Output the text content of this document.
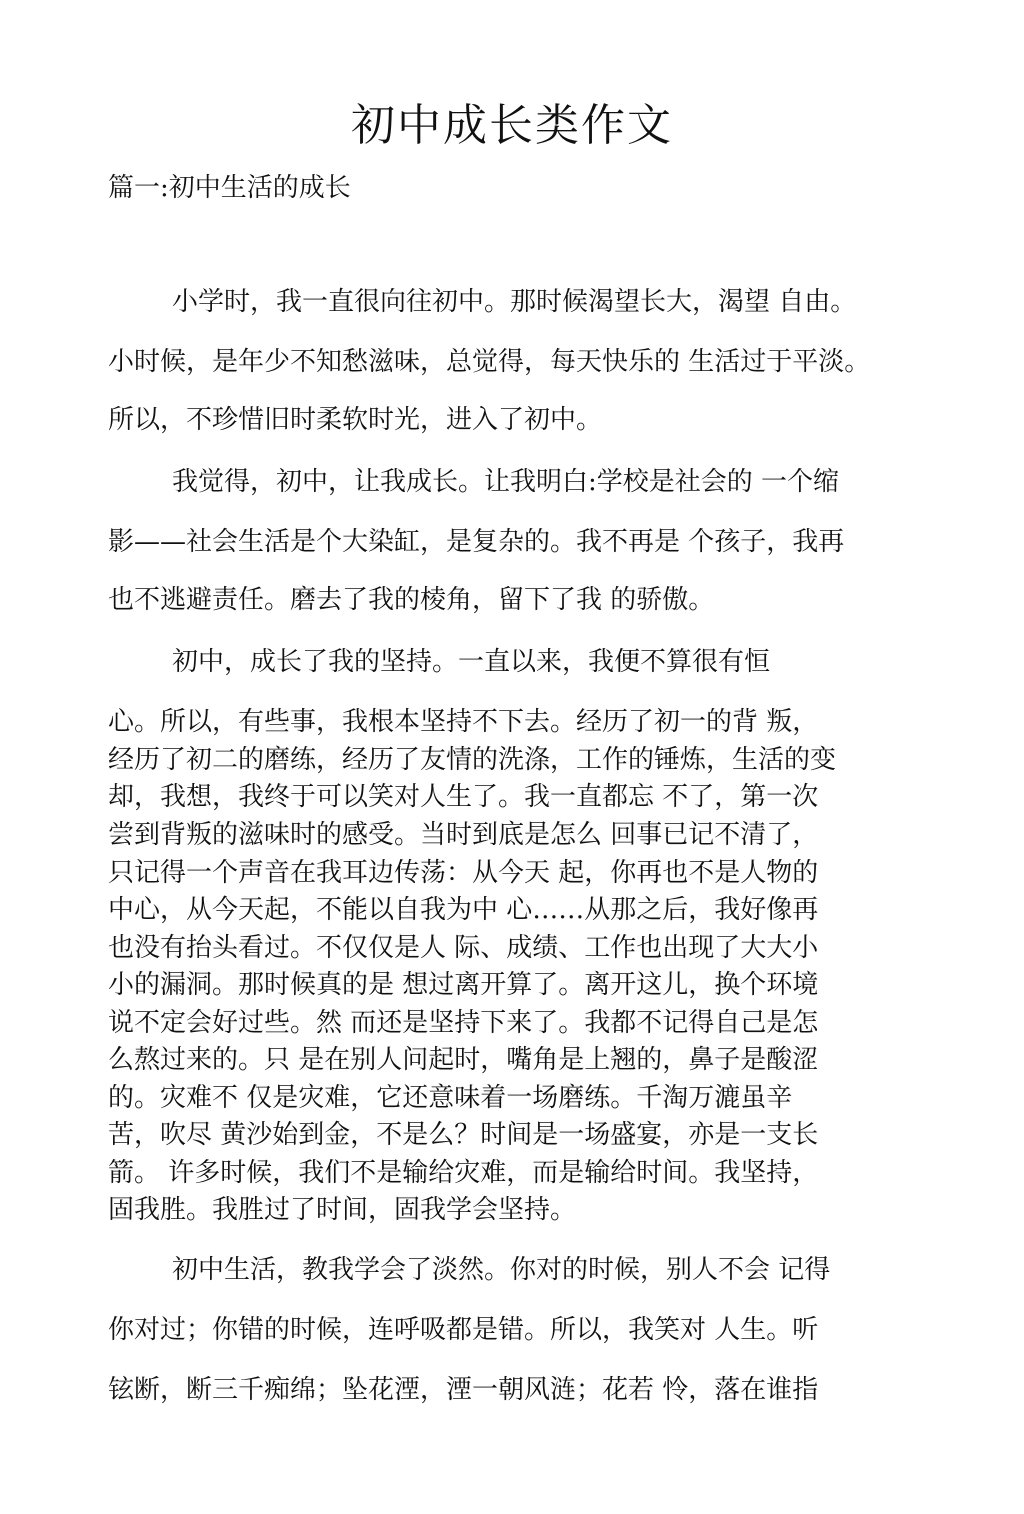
初中成长类作文

篇一:初中生活的成长

小学时，我一直很向往初中。那时候渴望长大，渴望 自由。

小时候，是年少不知愁滋味，总觉得，每天快乐的 生活过于平淡。

所以，不珍惜旧时柔软时光，进入了初中。

我觉得，初中，让我成长。让我明白:学校是社会的 一个缩

影——社会生活是个大染缸，是复杂的。我不再是 个孩子，我再

也不逃避责任。磨去了我的棱角，留下了我 的骄傲。

初中，成长了我的坚持。一直以来，我便不算很有恒

心。所以，有些事，我根本坚持不下去。经历了初一的背 叛，

经历了初二的磨练，经历了友情的洗涤，工作的锤炼，生活的变

却，我想，我终于可以笑对人生了。我一直都忘 不了，第一次

尝到背叛的滋味时的感受。当时到底是怎么 回事已记不清了，

只记得一个声音在我耳边传荡：从今天 起，你再也不是人物的

中心，从今天起，不能以自我为中 心……从那之后，我好像再

也没有抬头看过。不仅仅是人 际、成绩、工作也出现了大大小

小的漏洞。那时候真的是 想过离开算了。离开这儿，换个环境

说不定会好过些。然 而还是坚持下来了。我都不记得自己是怎

么熬过来的。只 是在别人问起时，嘴角是上翘的，鼻子是酸涩

的。灾难不 仅是灾难，它还意味着一场磨练。千淘万漉虽辛

苦，吹尽 黄沙始到金，不是么？时间是一场盛宴，亦是一支长

箭。 许多时候，我们不是输给灾难，而是输给时间。我坚持，

固我胜。我胜过了时间，固我学会坚持。

初中生活，教我学会了淡然。你对的时候，别人不会 记得

你对过；你错的时候，连呼吸都是错。所以，我笑对 人生。听

铉断，断三千痴绵；坠花湮，湮一朝风涟；花若 怜，落在谁指
